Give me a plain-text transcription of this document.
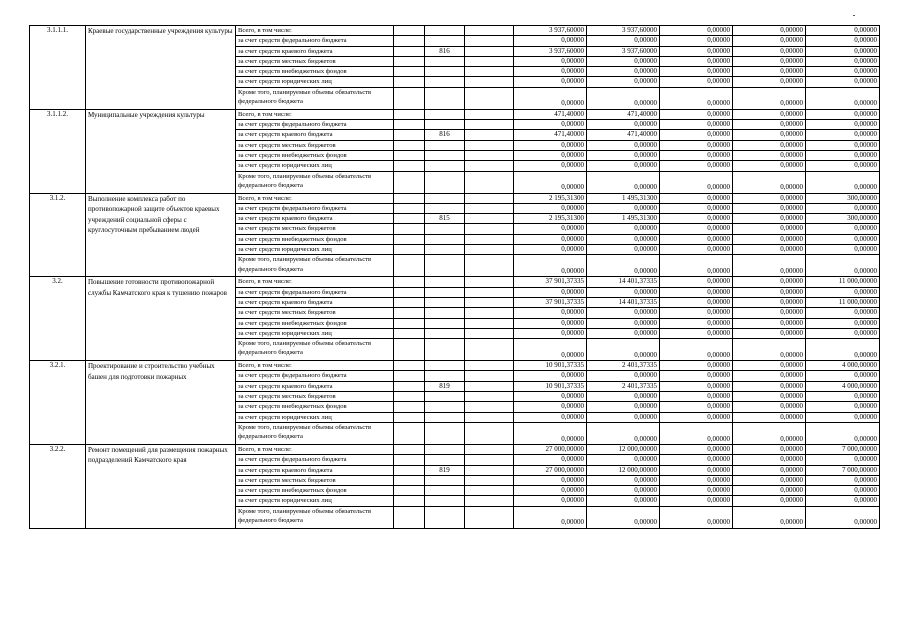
3.1.1.1.	Краевые государственные учреждения культуры	Всего, в том числе:				3 937,60000	3 937,60000	0,00000	0,00000	0,00000	
		за счет средств федерального бюджета				0,00000	0,00000	0,00000	0,00000	0,00000	
		за счет средств краевого бюджета		816		3 937,60000	3 937,60000	0,00000	0,00000	0,00000	
		за счет средств местных бюджетов				0,00000	0,00000	0,00000	0,00000	0,00000	
		за счет средств внебюджетных фондов				0,00000	0,00000	0,00000	0,00000	0,00000	
		за счет средств юридических лиц				0,00000	0,00000	0,00000	0,00000	0,00000	
		Кроме того, планируемые объемы обязательств федерального бюджета				0,00000	0,00000	0,00000	0,00000	0,00000	
3.1.1.2.	Муниципальные учреждения культуры	Всего, в том числе:				471,40000	471,40000	0,00000	0,00000	0,00000	
		за счет средств федерального бюджета				0,00000	0,00000	0,00000	0,00000	0,00000	
		за счет средств краевого бюджета		816		471,40000	471,40000	0,00000	0,00000	0,00000	
		за счет средств местных бюджетов				0,00000	0,00000	0,00000	0,00000	0,00000	
		за счет средств внебюджетных фондов				0,00000	0,00000	0,00000	0,00000	0,00000	
		за счет средств юридических лиц				0,00000	0,00000	0,00000	0,00000	0,00000	
		Кроме того, планируемые объемы обязательств федерального бюджета				0,00000	0,00000	0,00000	0,00000	0,00000	
3.1.2.	Выполнение комплекса работ по противопожарной защите объектов краевых учреждений социальной сферы с круглосуточным пребыванием людей	Всего, в том числе:				2 195,31300	1 495,31300	0,00000	0,00000	300,00000	
		за счет средств федерального бюджета				0,00000	0,00000	0,00000	0,00000	0,00000	
		за счет средств краевого бюджета		815		2 195,31300	1 495,31300	0,00000	0,00000	300,00000	
		за счет средств местных бюджетов				0,00000	0,00000	0,00000	0,00000	0,00000	
		за счет средств внебюджетных фондов				0,00000	0,00000	0,00000	0,00000	0,00000	
		за счет средств юридических лиц				0,00000	0,00000	0,00000	0,00000	0,00000	
		Кроме того, планируемые объемы обязательств федерального бюджета				0,00000	0,00000	0,00000	0,00000	0,00000	
3.2.	Повышение готовности противопожарной службы Камчатского края к тушению пожаров	Всего, в том числе:				37 901,37335	14 401,37335	0,00000	0,00000	11 000,00000	
		за счет средств федерального бюджета				0,00000	0,00000	0,00000	0,00000	0,00000	
		за счет средств краевого бюджета				37 901,37335	14 401,37335	0,00000	0,00000	11 000,00000	
		за счет средств местных бюджетов				0,00000	0,00000	0,00000	0,00000	0,00000	
		за счет средств внебюджетных фондов				0,00000	0,00000	0,00000	0,00000	0,00000	
		за счет средств юридических лиц				0,00000	0,00000	0,00000	0,00000	0,00000	
		Кроме того, планируемые объемы обязательств федерального бюджета				0,00000	0,00000	0,00000	0,00000	0,00000	
3.2.1.	Проектирование и строительство учебных башен для подготовки пожарных	Всего, в том числе:				10 901,37335	2 401,37335	0,00000	0,00000	4 000,00000	
		за счет средств федерального бюджета				0,00000	0,00000	0,00000	0,00000	0,00000	
		за счет средств краевого бюджета		819		10 901,37335	2 401,37335	0,00000	0,00000	4 000,00000	
		за счет средств местных бюджетов				0,00000	0,00000	0,00000	0,00000	0,00000	
		за счет средств внебюджетных фондов				0,00000	0,00000	0,00000	0,00000	0,00000	
		за счет средств юридических лиц				0,00000	0,00000	0,00000	0,00000	0,00000	
		Кроме того, планируемые объемы обязательств федерального бюджета				0,00000	0,00000	0,00000	0,00000	0,00000	
3.2.2.	Ремонт помещений для размещения пожарных подразделений Камчатского края	Всего, в том числе:				27 000,00000	12 000,00000	0,00000	0,00000	7 000,00000	
		за счет средств федерального бюджета				0,00000	0,00000	0,00000	0,00000	0,00000	
		за счет средств краевого бюджета		819		27 000,00000	12 000,00000	0,00000	0,00000	7 000,00000	
		за счет средств местных бюджетов				0,00000	0,00000	0,00000	0,00000	0,00000	
		за счет средств внебюджетных фондов				0,00000	0,00000	0,00000	0,00000	0,00000	
		за счет средств юридических лиц				0,00000	0,00000	0,00000	0,00000	0,00000	
		Кроме того, планируемые объемы обязательств федерального бюджета				0,00000	0,00000	0,00000	0,00000	0,00000	
